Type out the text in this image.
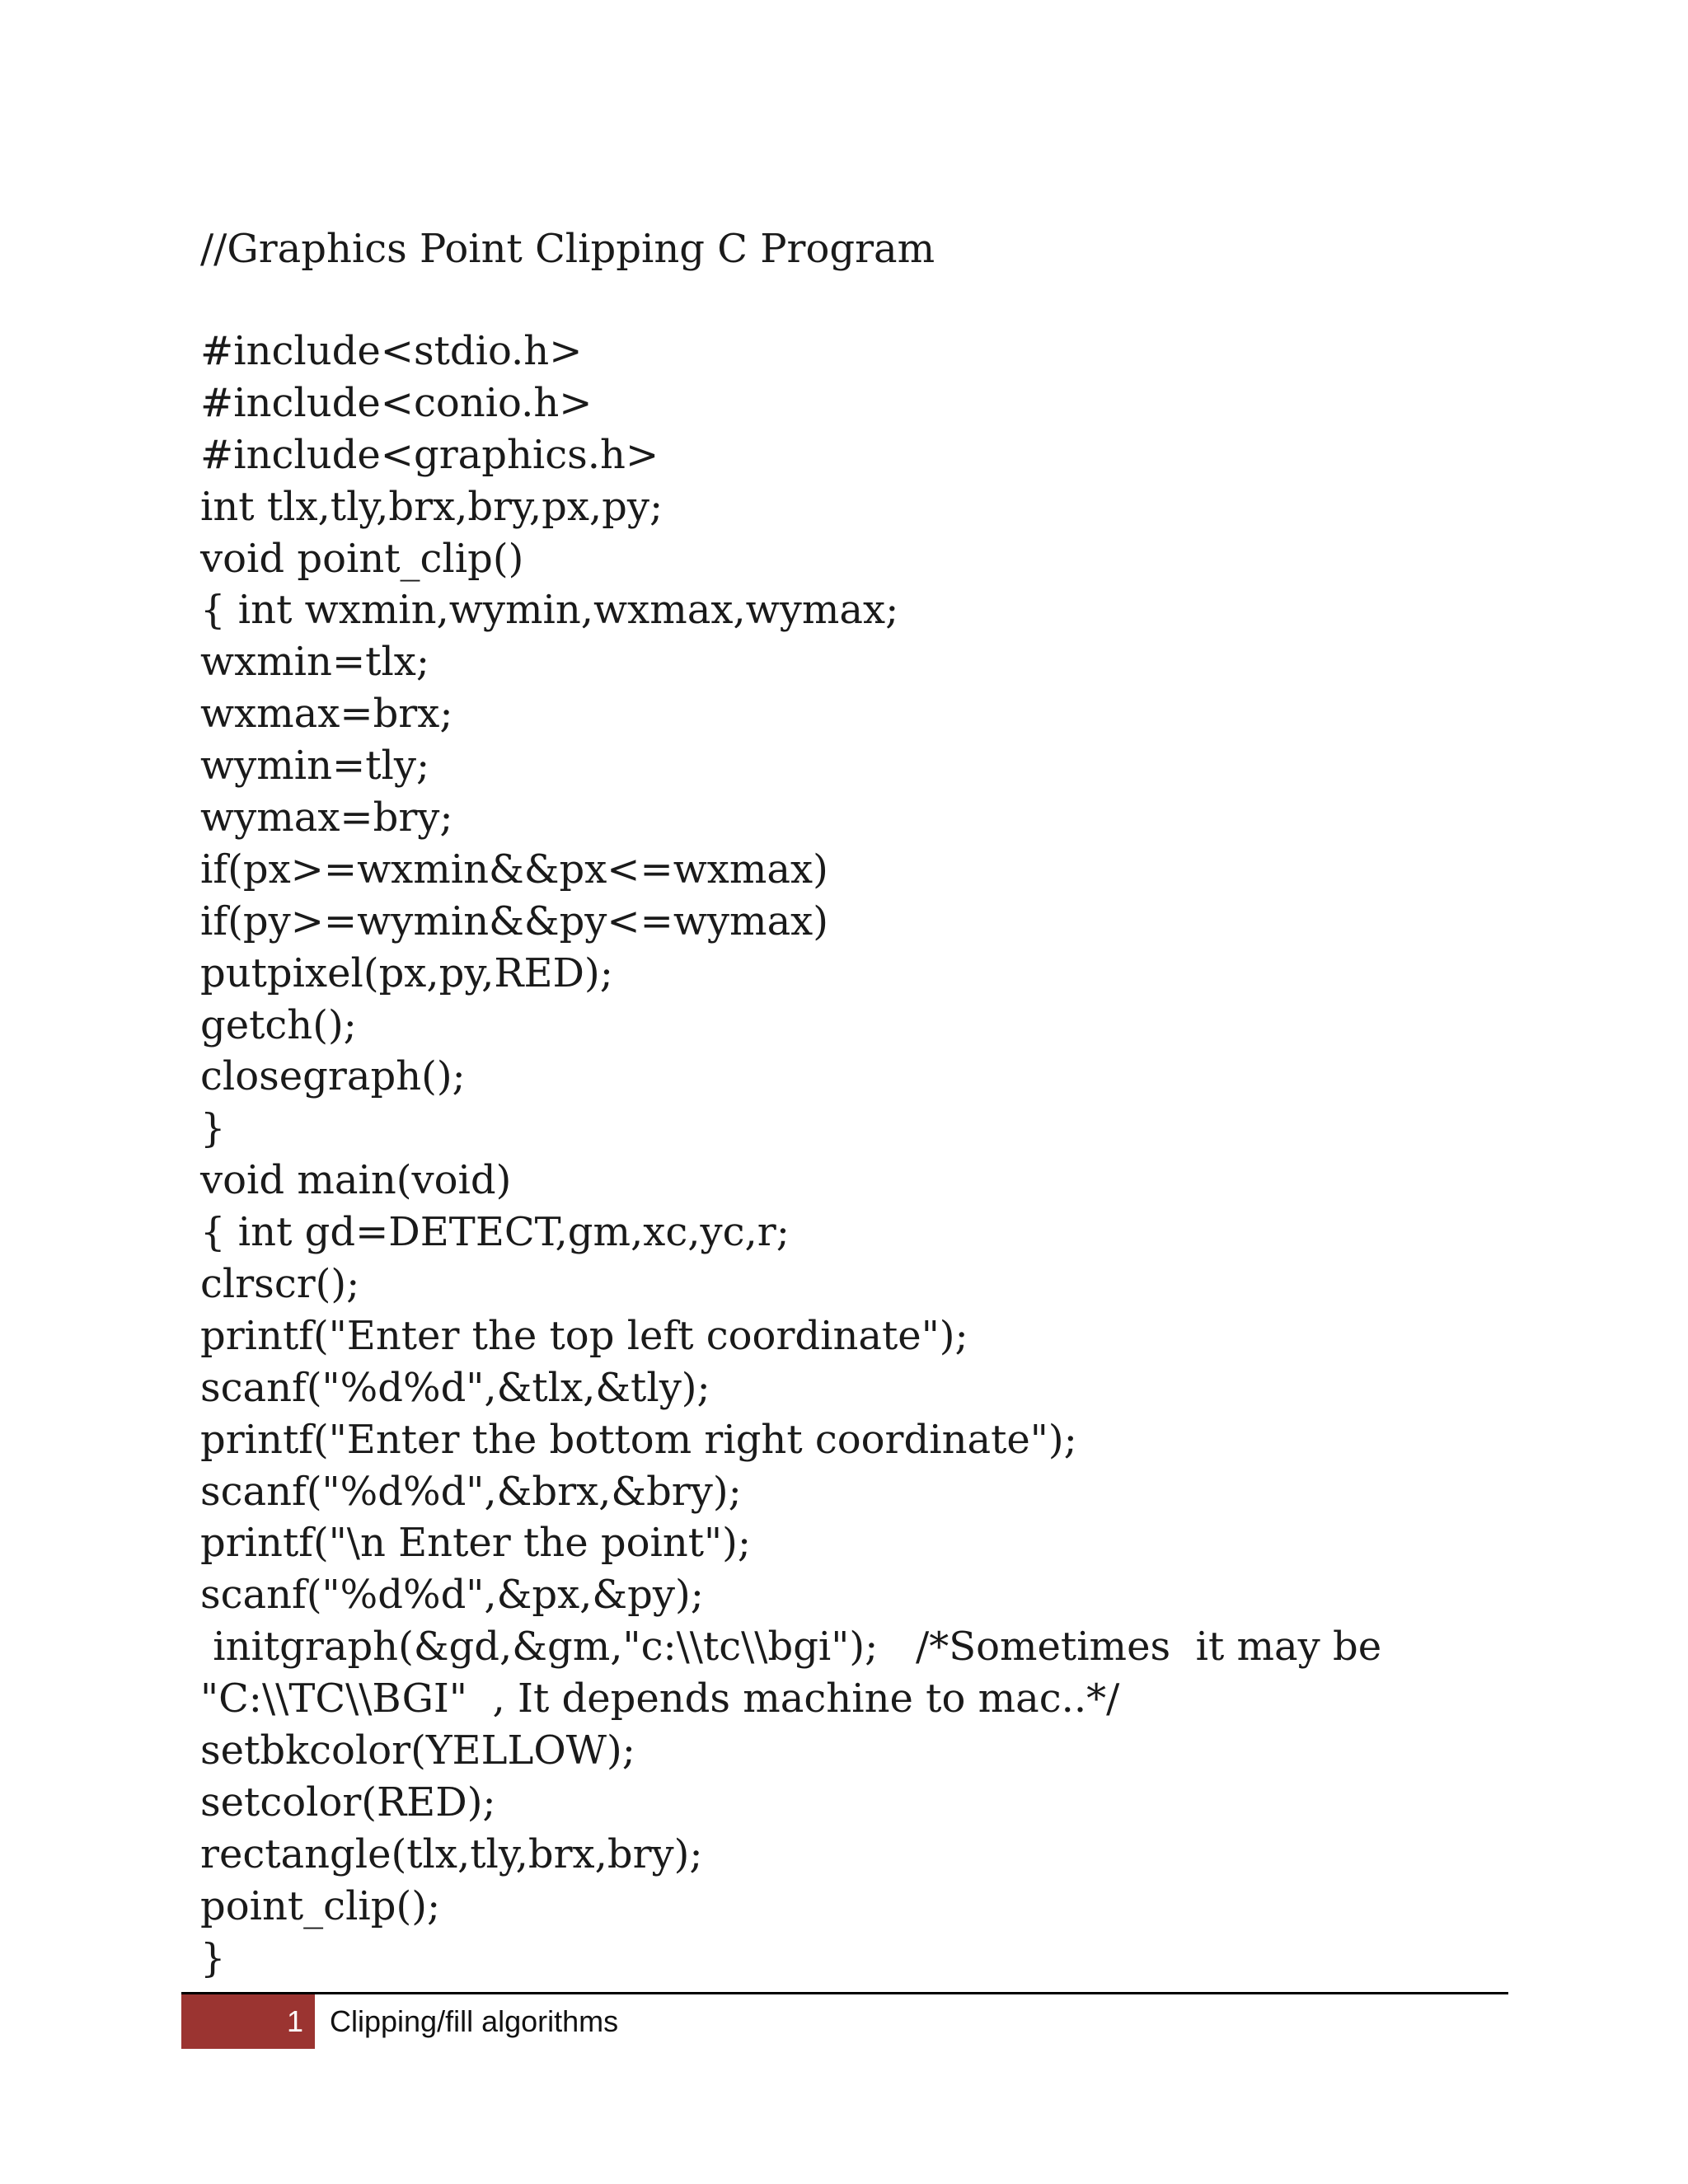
//Graphics Point Clipping C Program
#include<stdio.h>
#include<conio.h>
#include<graphics.h>
int tlx,tly,brx,bry,px,py;
void point_clip()
{ int wxmin,wymin,wxmax,wymax;
wxmin=tlx;
wxmax=brx;
wymin=tly;
wymax=bry;
if(px>=wxmin&&px<=wxmax)
if(py>=wymin&&py<=wymax)
putpixel(px,py,RED);
getch();
closegraph();
}
void main(void)
{ int gd=DETECT,gm,xc,yc,r;
clrscr();
printf("Enter the top left coordinate");
scanf("%d%d",&tlx,&tly);
printf("Enter the bottom right coordinate");
scanf("%d%d",&brx,&bry);
printf("\n Enter the point");
scanf("%d%d",&px,&py);
initgraph(&gd,&gm,"c:\\tc\\bgi");   /*Sometimes  it may be
"C:\\TC\\BGI"  , It depends machine to mac..*/
setbkcolor(YELLOW);
setcolor(RED);
rectangle(tlx,tly,brx,bry);
point_clip();
}
1 Clipping/fill algorithms
